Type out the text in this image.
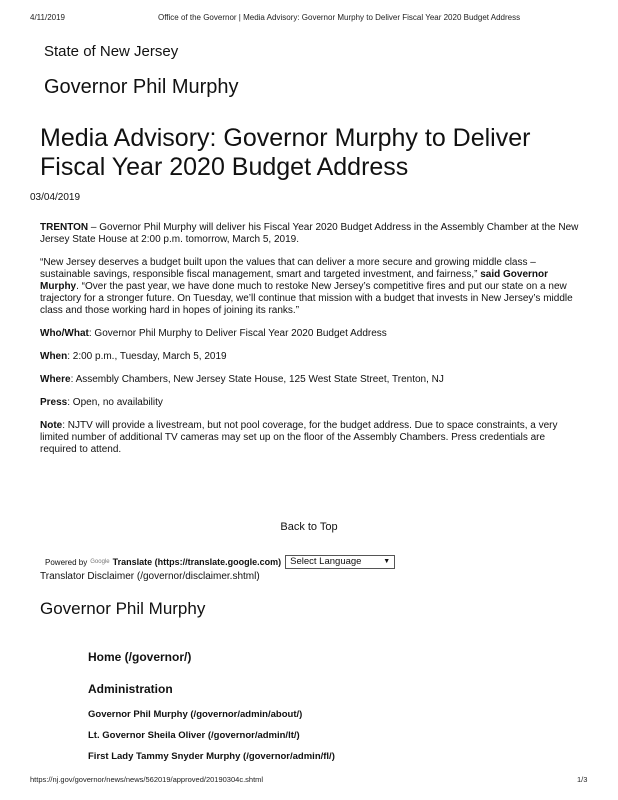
4/11/2019	Office of the Governor | Media Advisory: Governor Murphy to Deliver Fiscal Year 2020 Budget Address
State of New Jersey
Governor Phil Murphy
Media Advisory: Governor Murphy to Deliver Fiscal Year 2020 Budget Address
03/04/2019

TRENTON – Governor Phil Murphy will deliver his Fiscal Year 2020 Budget Address in the Assembly Chamber at the New Jersey State House at 2:00 p.m. tomorrow, March 5, 2019.

“New Jersey deserves a budget built upon the values that can deliver a more secure and growing middle class – sustainable savings, responsible fiscal management, smart and targeted investment, and fairness,” said Governor Murphy. “Over the past year, we have done much to restoke New Jersey’s competitive fires and put our state on a new trajectory for a stronger future. On Tuesday, we’ll continue that mission with a budget that invests in New Jersey’s middle class and those working hard in hopes of joining its ranks.”

Who/What: Governor Phil Murphy to Deliver Fiscal Year 2020 Budget Address

When: 2:00 p.m., Tuesday, March 5, 2019

Where: Assembly Chambers, New Jersey State House, 125 West State Street, Trenton, NJ

Press: Open, no availability

Note: NJTV will provide a livestream, but not pool coverage, for the budget address. Due to space constraints, a very limited number of additional TV cameras may set up on the floor of the Assembly Chambers. Press credentials are required to attend.

Back to Top
Powered by Google Translate (https://translate.google.com) Select Language	▼
Translator Disclaimer (/governor/disclaimer.shtml)
Governor Phil Murphy
Home (/governor/)
Administration
Governor Phil Murphy (/governor/admin/about/)
Lt. Governor Sheila Oliver (/governor/admin/lt/)
First Lady Tammy Snyder Murphy (/governor/admin/fl/)
https://nj.gov/governor/news/news/562019/approved/20190304c.shtml	1/3
